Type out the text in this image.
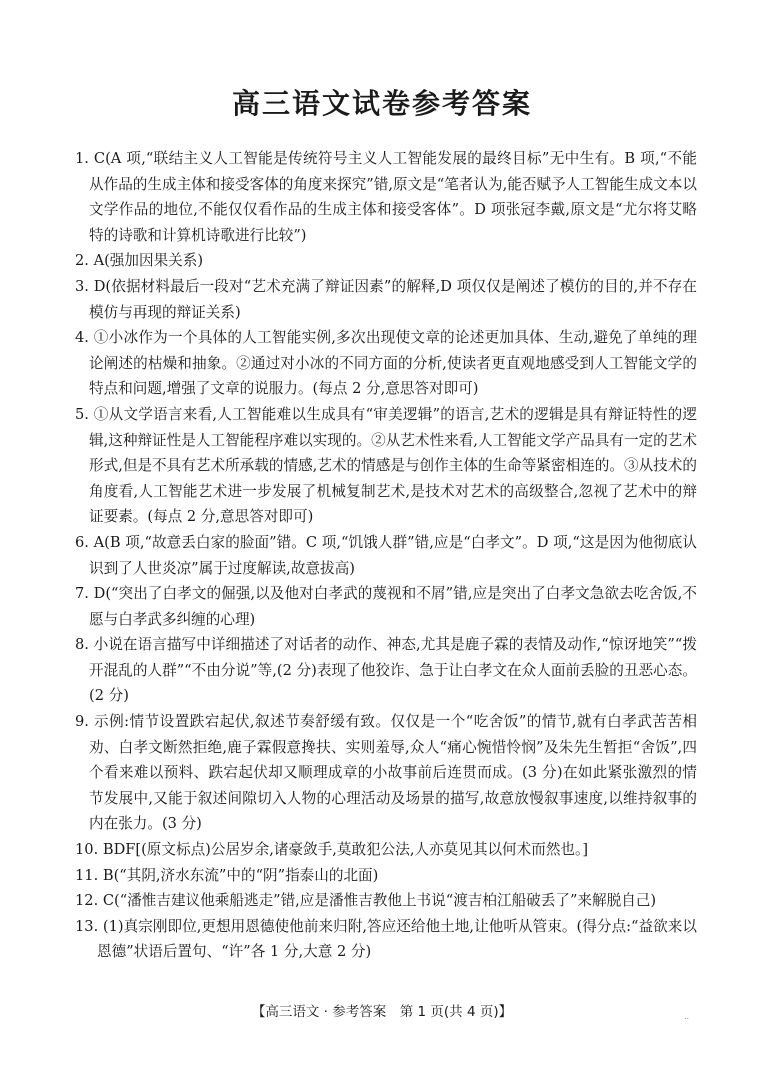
高三语文试卷参考答案

1. C(A 项,“联结主义人工智能是传统符号主义人工智能发展的最终目标”无中生有。B 项,“不能从作品的生成主体和接受客体的角度来探究”错,原文是“笔者认为,能否赋予人工智能生成文本以文学作品的地位,不能仅仅看作品的生成主体和接受客体”。D 项张冠李戴,原文是“尤尔将艾略特的诗歌和计算机诗歌进行比较”)

2. A(强加因果关系)

3. D(依据材料最后一段对“艺术充满了辩证因素”的解释,D 项仅仅是阐述了模仿的目的,并不存在模仿与再现的辩证关系)

4. ①小冰作为一个具体的人工智能实例,多次出现使文章的论述更加具体、生动,避免了单纯的理论阐述的枯燥和抽象。②通过对小冰的不同方面的分析,使读者更直观地感受到人工智能文学的特点和问题,增强了文章的说服力。(每点 2 分,意思答对即可)

5. ①从文学语言来看,人工智能难以生成具有“审美逻辑”的语言,艺术的逻辑是具有辩证特性的逻辑,这种辩证性是人工智能程序难以实现的。②从艺术性来看,人工智能文学产品具有一定的艺术形式,但是不具有艺术所承载的情感,艺术的情感是与创作主体的生命等紧密相连的。③从技术的角度看,人工智能艺术进一步发展了机械复制艺术,是技术对艺术的高级整合,忽视了艺术中的辩证要素。(每点 2 分,意思答对即可)

6. A(B 项,“故意丢白家的脸面”错。C 项,“饥饿人群”错,应是“白孝文”。D 项,“这是因为他彻底认识到了人世炎凉”属于过度解读,故意拔高)

7. D(“突出了白孝文的倔强,以及他对白孝武的蔑视和不屑”错,应是突出了白孝文急欲去吃舍饭,不愿与白孝武多纠缠的心理)

8. 小说在语言描写中详细描述了对话者的动作、神态,尤其是鹿子霖的表情及动作,“惊讶地笑”“拨开混乱的人群”“不由分说”等,(2 分)表现了他狡诈、急于让白孝文在众人面前丢脸的丑恶心态。(2 分)

9. 示例:情节设置跌宕起伏,叙述节奏舒缓有致。仅仅是一个“吃舍饭”的情节,就有白孝武苦苦相劝、白孝文断然拒绝,鹿子霖假意搀扶、实则羞辱,众人“痛心惋惜怜悯”及朱先生暂拒“舍饭”,四个看来难以预料、跌宕起伏却又顺理成章的小故事前后连贯而成。(3 分)在如此紧张激烈的情节发展中,又能于叙述间隙切入人物的心理活动及场景的描写,故意放慢叙事速度,以维持叙事的内在张力。(3 分)

10. BDF[(原文标点)公居岁余,诸豪敛手,莫敢犯公法,人亦莫见其以何术而然也。]

11. B(“其阴,济水东流”中的“阴”指泰山的北面)

12. C(“潘惟吉建议他乘船逃走”错,应是潘惟吉教他上书说“渡吉柏江船破丢了”来解脱自己)

13. (1)真宗刚即位,更想用恩德使他前来归附,答应还给他土地,让他听从管束。(得分点:“益欲来以恩德”状语后置句、“许”各 1 分,大意 2 分)

【高三语文 · 参考答案　第 1 页(共 4 页)】	..
